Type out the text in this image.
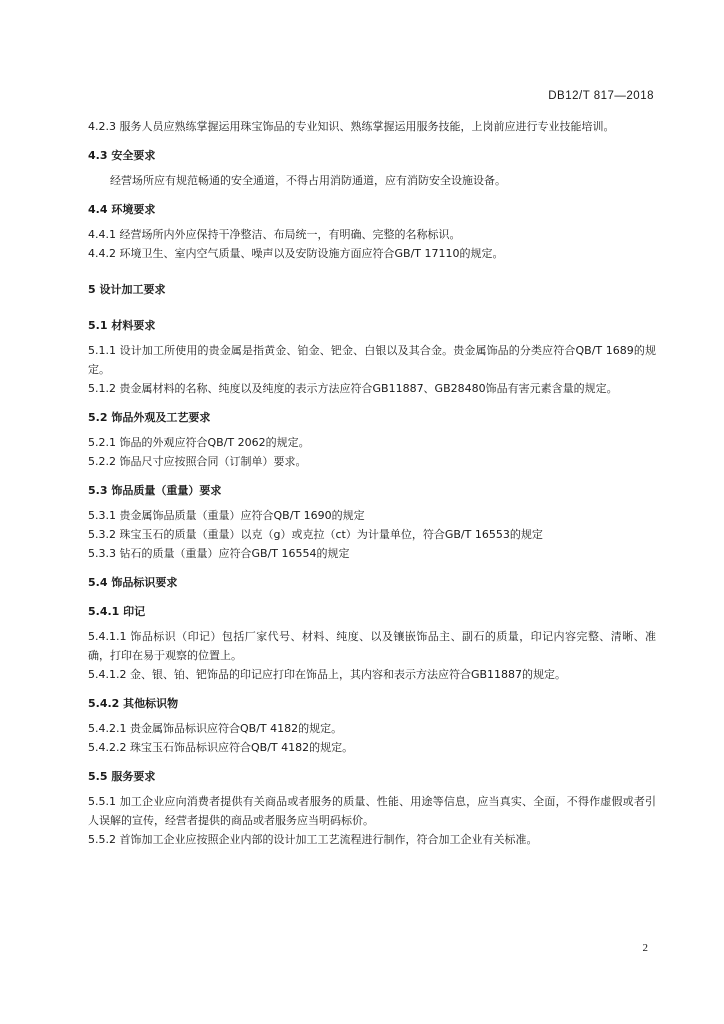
DB12/T 817—2018

4.2.3 服务人员应熟练掌握运用珠宝饰品的专业知识、熟练掌握运用服务技能，上岗前应进行专业技能培训。

4.3 安全要求

经营场所应有规范畅通的安全通道，不得占用消防通道，应有消防安全设施设备。

4.4 环境要求

4.4.1 经营场所内外应保持干净整洁、布局统一，有明确、完整的名称标识。

4.4.2 环境卫生、室内空气质量、噪声以及安防设施方面应符合GB/T 17110的规定。

5 设计加工要求

5.1 材料要求

5.1.1 设计加工所使用的贵金属是指黄金、铂金、钯金、白银以及其合金。贵金属饰品的分类应符合QB/T 1689的规定。

5.1.2 贵金属材料的名称、纯度以及纯度的表示方法应符合GB11887、GB28480饰品有害元素含量的规定。

5.2 饰品外观及工艺要求

5.2.1 饰品的外观应符合QB/T 2062的规定。

5.2.2 饰品尺寸应按照合同（订制单）要求。

5.3 饰品质量（重量）要求

5.3.1 贵金属饰品质量（重量）应符合QB/T 1690的规定

5.3.2 珠宝玉石的质量（重量）以克（g）或克拉（ct）为计量单位，符合GB/T 16553的规定

5.3.3 钻石的质量（重量）应符合GB/T 16554的规定

5.4 饰品标识要求

5.4.1 印记

5.4.1.1 饰品标识（印记）包括厂家代号、材料、纯度、以及镶嵌饰品主、副石的质量，印记内容完整、清晰、准确，打印在易于观察的位置上。

5.4.1.2 金、银、铂、钯饰品的印记应打印在饰品上，其内容和表示方法应符合GB11887的规定。

5.4.2 其他标识物

5.4.2.1 贵金属饰品标识应符合QB/T 4182的规定。

5.4.2.2 珠宝玉石饰品标识应符合QB/T 4182的规定。

5.5 服务要求

5.5.1 加工企业应向消费者提供有关商品或者服务的质量、性能、用途等信息，应当真实、全面，不得作虚假或者引人误解的宣传，经营者提供的商品或者服务应当明码标价。

5.5.2 首饰加工企业应按照企业内部的设计加工工艺流程进行制作，符合加工企业有关标准。

2
